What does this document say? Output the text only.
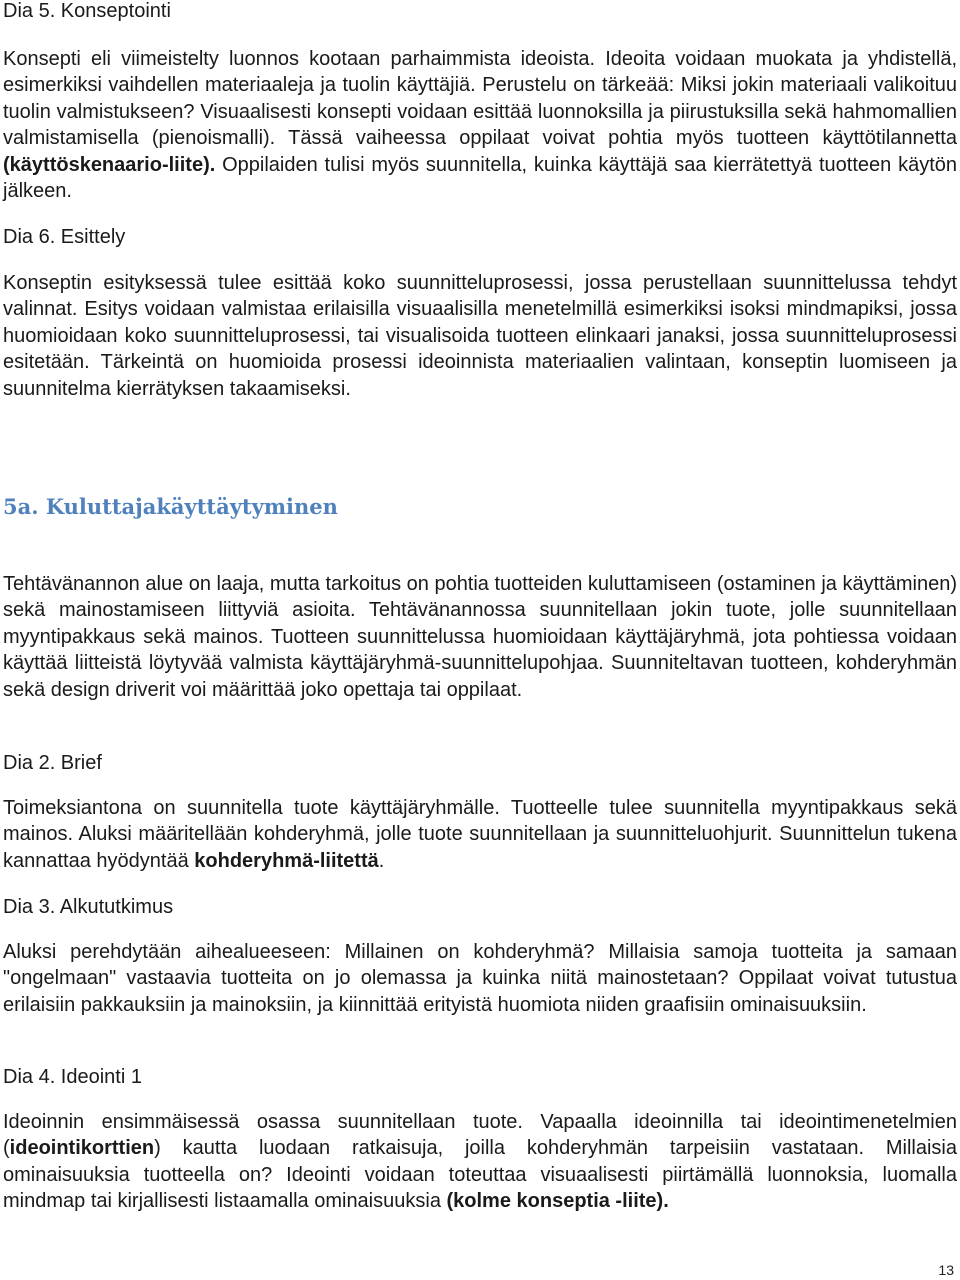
Dia 5. Konseptointi

Konsepti eli viimeistelty luonnos kootaan parhaimmista ideoista. Ideoita voidaan muokata ja yhdistellä, esimerkiksi vaihdellen materiaaleja ja tuolin käyttäjiä. Perustelu on tärkeää: Miksi jokin materiaali valikoituu tuolin valmistukseen? Visuaalisesti konsepti voidaan esittää luonnoksilla ja piirustuksilla sekä hahmomallien valmistamisella (pienoismalli). Tässä vaiheessa oppilaat voivat pohtia myös tuotteen käyttötilannetta (käyttöskenaario-liite). Oppilaiden tulisi myös suunnitella, kuinka käyttäjä saa kierrätettyä tuotteen käytön jälkeen.

Dia 6. Esittely

Konseptin esityksessä tulee esittää koko suunnitteluprosessi, jossa perustellaan suunnittelussa tehdyt valinnat. Esitys voidaan valmistaa erilaisilla visuaalisilla menetelmillä esimerkiksi isoksi mindmapiksi, jossa huomioidaan koko suunnitteluprosessi, tai visualisoida tuotteen elinkaari janaksi, jossa suunnitteluprosessi esitetään. Tärkeintä on huomioida prosessi ideoinnista materiaalien valintaan, konseptin luomiseen ja suunnitelma kierrätyksen takaamiseksi.

5a. Kuluttajakäyttäytyminen

Tehtävänannon alue on laaja, mutta tarkoitus on pohtia tuotteiden kuluttamiseen (ostaminen ja käyttäminen) sekä mainostamiseen liittyviä asioita. Tehtävänannossa suunnitellaan jokin tuote, jolle suunnitellaan myyntipakkaus sekä mainos. Tuotteen suunnittelussa huomioidaan käyttäjäryhmä, jota pohtiessa voidaan käyttää liitteistä löytyvää valmista käyttäjäryhmä-suunnittelupohjaa. Suunniteltavan tuotteen, kohderyhmän sekä design driverit voi määrittää joko opettaja tai oppilaat.

Dia 2. Brief

Toimeksiantona on suunnitella tuote käyttäjäryhmälle. Tuotteelle tulee suunnitella myyntipakkaus sekä mainos. Aluksi määritellään kohderyhmä, jolle tuote suunnitellaan ja suunnitteluohjurit. Suunnittelun tukena kannattaa hyödyntää kohderyhmä-liitettä.

Dia 3. Alkututkimus

Aluksi perehdytään aihealueeseen: Millainen on kohderyhmä? Millaisia samoja tuotteita ja samaan "ongelmaan" vastaavia tuotteita on jo olemassa ja kuinka niitä mainostetaan? Oppilaat voivat tutustua erilaisiin pakkauksiin ja mainoksiin, ja kiinnittää erityistä huomiota niiden graafisiin ominaisuuksiin.

Dia 4. Ideointi 1

Ideoinnin ensimmäisessä osassa suunnitellaan tuote. Vapaalla ideoinnilla tai ideointimenetelmien (ideointikorttien) kautta luodaan ratkaisuja, joilla kohderyhmän tarpeisiin vastataan. Millaisia ominaisuuksia tuotteella on? Ideointi voidaan toteuttaa visuaalisesti piirtämällä luonnoksia, luomalla mindmap tai kirjallisesti listaamalla ominaisuuksia (kolme konseptia -liite).

13
